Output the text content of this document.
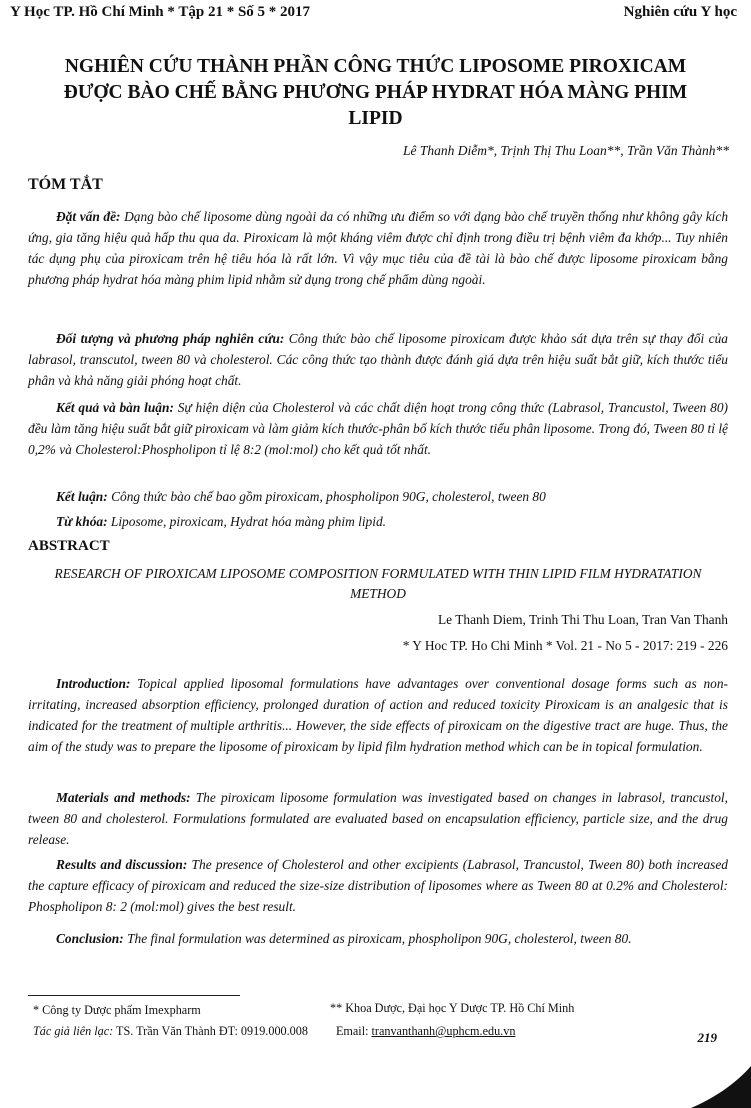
Y Học TP. Hồ Chí Minh * Tập 21 * Số 5 * 2017	Nghiên cứu Y học
NGHIÊN CỨU THÀNH PHẦN CÔNG THỨC LIPOSOME PIROXICAM ĐƯỢC BÀO CHẾ BẰNG PHƯƠNG PHÁP HYDRAT HÓA MÀNG PHIM LIPID
Lê Thanh Diễm*, Trịnh Thị Thu Loan**, Trần Văn Thành**
TÓM TẮT

Đặt vấn đề: Dạng bào chế liposome dùng ngoài da có những ưu điểm so với dạng bào chế truyền thống như không gây kích ứng, gia tăng hiệu quả hấp thu qua da. Piroxicam là một kháng viêm được chỉ định trong điều trị bệnh viêm đa khớp... Tuy nhiên tác dụng phụ của piroxicam trên hệ tiêu hóa là rất lớn. Vì vậy mục tiêu của đề tài là bào chế được liposome piroxicam bằng phương pháp hydrat hóa màng phim lipid nhằm sử dụng trong chế phẩm dùng ngoài.

Đối tượng và phương pháp nghiên cứu: Công thức bào chế liposome piroxicam được khảo sát dựa trên sự thay đổi của labrasol, transcutol, tween 80 và cholesterol. Các công thức tạo thành được đánh giá dựa trên hiệu suất bắt giữ, kích thước tiểu phân và khả năng giải phóng hoạt chất.

Kết quả và bàn luận: Sự hiện diện của Cholesterol và các chất diện hoạt trong công thức (Labrasol, Trancustol, Tween 80) đều làm tăng hiệu suất bắt giữ piroxicam và làm giảm kích thước-phân bố kích thước tiểu phân liposome. Trong đó, Tween 80 tỉ lệ 0,2% và Cholesterol:Phospholipon tỉ lệ 8:2 (mol:mol) cho kết quả tốt nhất.

Kết luận: Công thức bào chế bao gồm piroxicam, phospholipon 90G, cholesterol, tween 80

Từ khóa: Liposome, piroxicam, Hydrat hóa màng phim lipid.

ABSTRACT
RESEARCH OF PIROXICAM LIPOSOME COMPOSITION FORMULATED WITH THIN LIPID FILM HYDRATATION METHOD
Le Thanh Diem, Trinh Thi Thu Loan, Tran Van Thanh
* Y Hoc TP. Ho Chi Minh * Vol. 21 - No 5 - 2017: 219 - 226

Introduction: Topical applied liposomal formulations have advantages over conventional dosage forms such as non-irritating, increased absorption efficiency, prolonged duration of action and reduced toxicity Piroxicam is an analgesic that is indicated for the treatment of multiple arthritis... However, the side effects of piroxicam on the digestive tract are huge. Thus, the aim of the study was to prepare the liposome of piroxicam by lipid film hydration method which can be in topical formulation.

Materials and methods: The piroxicam liposome formulation was investigated based on changes in labrasol, trancustol, tween 80 and cholesterol. Formulations formulated are evaluated based on encapsulation efficiency, particle size, and the drug release.

Results and discussion: The presence of Cholesterol and other excipients (Labrasol, Trancustol, Tween 80) both increased the capture efficacy of piroxicam and reduced the size-size distribution of liposomes where as Tween 80 at 0.2% and Cholesterol: Phospholipon 8: 2 (mol:mol) gives the best result.

Conclusion: The final formulation was determined as piroxicam, phospholipon 90G, cholesterol, tween 80.

* Công ty Dược phẩm Imexpharm	** Khoa Dược, Đại học Y Dược TP. Hồ Chí Minh
Tác giả liên lạc: TS. Trần Văn Thành ĐT: 0919.000.008 Email: tranvanthanh@uphcm.edu.vn	219
